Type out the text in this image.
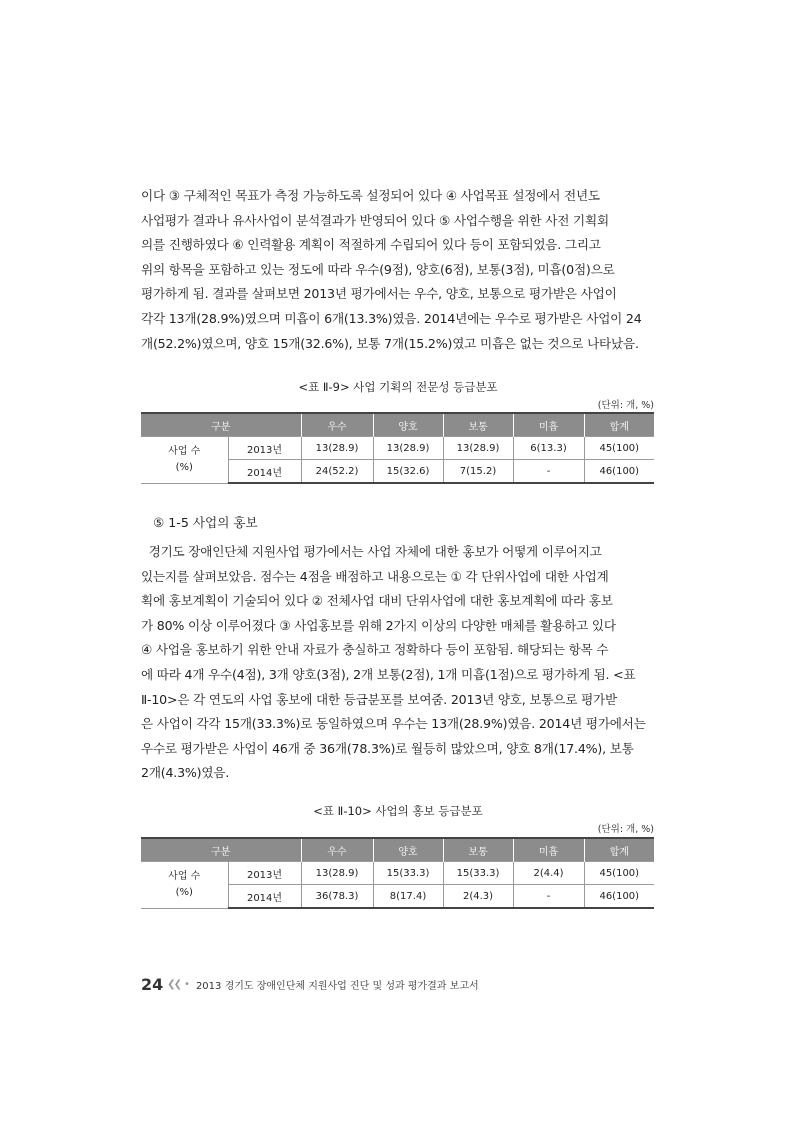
이다 ③ 구체적인 목표가 측정 가능하도록 설정되어 있다 ④ 사업목표 설정에서 전년도
사업평가 결과나 유사사업이 분석결과가 반영되어 있다 ⑤ 사업수행을 위한 사전 기획회
의를 진행하였다 ⑥ 인력활용 계획이 적절하게 수립되어 있다 등이 포함되었음. 그리고
위의 항목을 포함하고 있는 정도에 따라 우수(9점), 양호(6점), 보통(3점), 미흡(0점)으로
평가하게 됨. 결과를 살펴보면 2013년 평가에서는 우수, 양호, 보통으로 평가받은 사업이
각각 13개(28.9%)였으며 미흡이 6개(13.3%)였음. 2014년에는 우수로 평가받은 사업이 24
개(52.2%)였으며, 양호 15개(32.6%), 보통 7개(15.2%)였고 미흡은 없는 것으로 나타났음.

<표 Ⅱ-9> 사업 기획의 전문성 등급분포

(단위: 개, %)
구분		우수	양호	보통	미흡	합계
사업 수
(%)	2013년	13(28.9)	13(28.9)	13(28.9)	6(13.3)	45(100)
	2014년	24(52.2)	15(32.6)	7(15.2)	-	46(100)

⑤ 1-5 사업의 홍보

경기도 장애인단체 지원사업 평가에서는 사업 자체에 대한 홍보가 어떻게 이루어지고
있는지를 살펴보았음. 점수는 4점을 배점하고 내용으로는 ① 각 단위사업에 대한 사업계
획에 홍보계획이 기술되어 있다 ② 전체사업 대비 단위사업에 대한 홍보계획에 따라 홍보
가 80% 이상 이루어졌다 ③ 사업홍보를 위해 2가지 이상의 다양한 매체를 활용하고 있다
④ 사업을 홍보하기 위한 안내 자료가 충실하고 정확하다 등이 포함됨. 해당되는 항목 수
에 따라 4개 우수(4점), 3개 양호(3점), 2개 보통(2점), 1개 미흡(1점)으로 평가하게 됨. <표
Ⅱ-10>은 각 연도의 사업 홍보에 대한 등급분포를 보여줌. 2013년 양호, 보통으로 평가받
은 사업이 각각 15개(33.3%)로 동일하였으며 우수는 13개(28.9%)였음. 2014년 평가에서는
우수로 평가받은 사업이 46개 중 36개(78.3%)로 월등히 많았으며, 양호 8개(17.4%), 보통
2개(4.3%)였음.

<표 Ⅱ-10> 사업의 홍보 등급분포

(단위: 개, %)
구분		우수	양호	보통	미흡	합계
사업 수
(%)	2013년	13(28.9)	15(33.3)	15(33.3)	2(4.4)	45(100)
	2014년	36(78.3)	8(17.4)	2(4.3)	-	46(100)
24 ❮❮ • 2013 경기도 장애인단체 지원사업 진단 및 성과 평가결과 보고서
